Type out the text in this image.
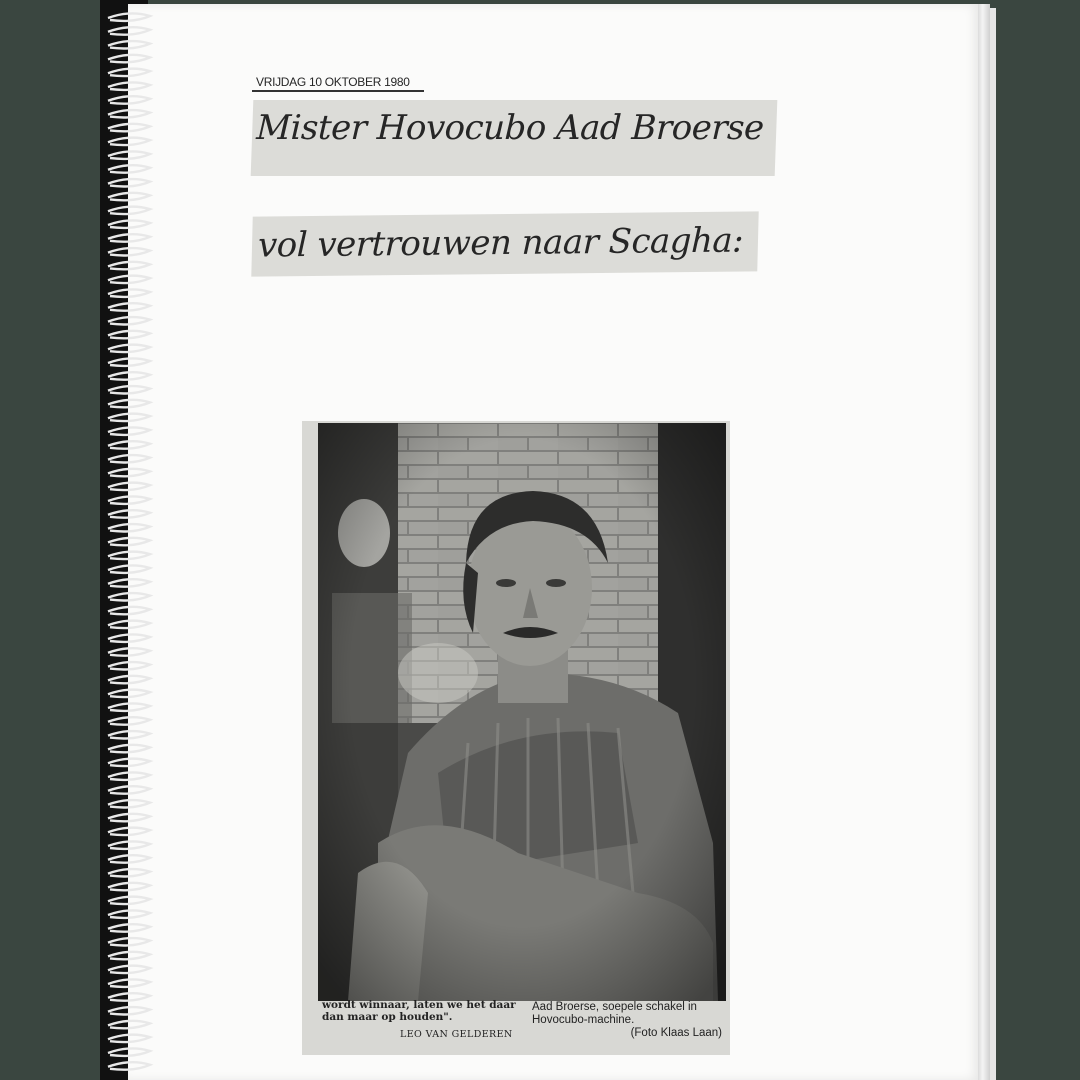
VRIJDAG 10 OKTOBER 1980
Mister Hovocubo Aad Broerse
vol vertrouwen naar Scagha:
wordt winnaar, laten we het daar
dan maar op houden".
LEO VAN GELDEREN
Aad Broerse, soepele schakel in
Hovocubo-machine.
(Foto Klaas Laan)
